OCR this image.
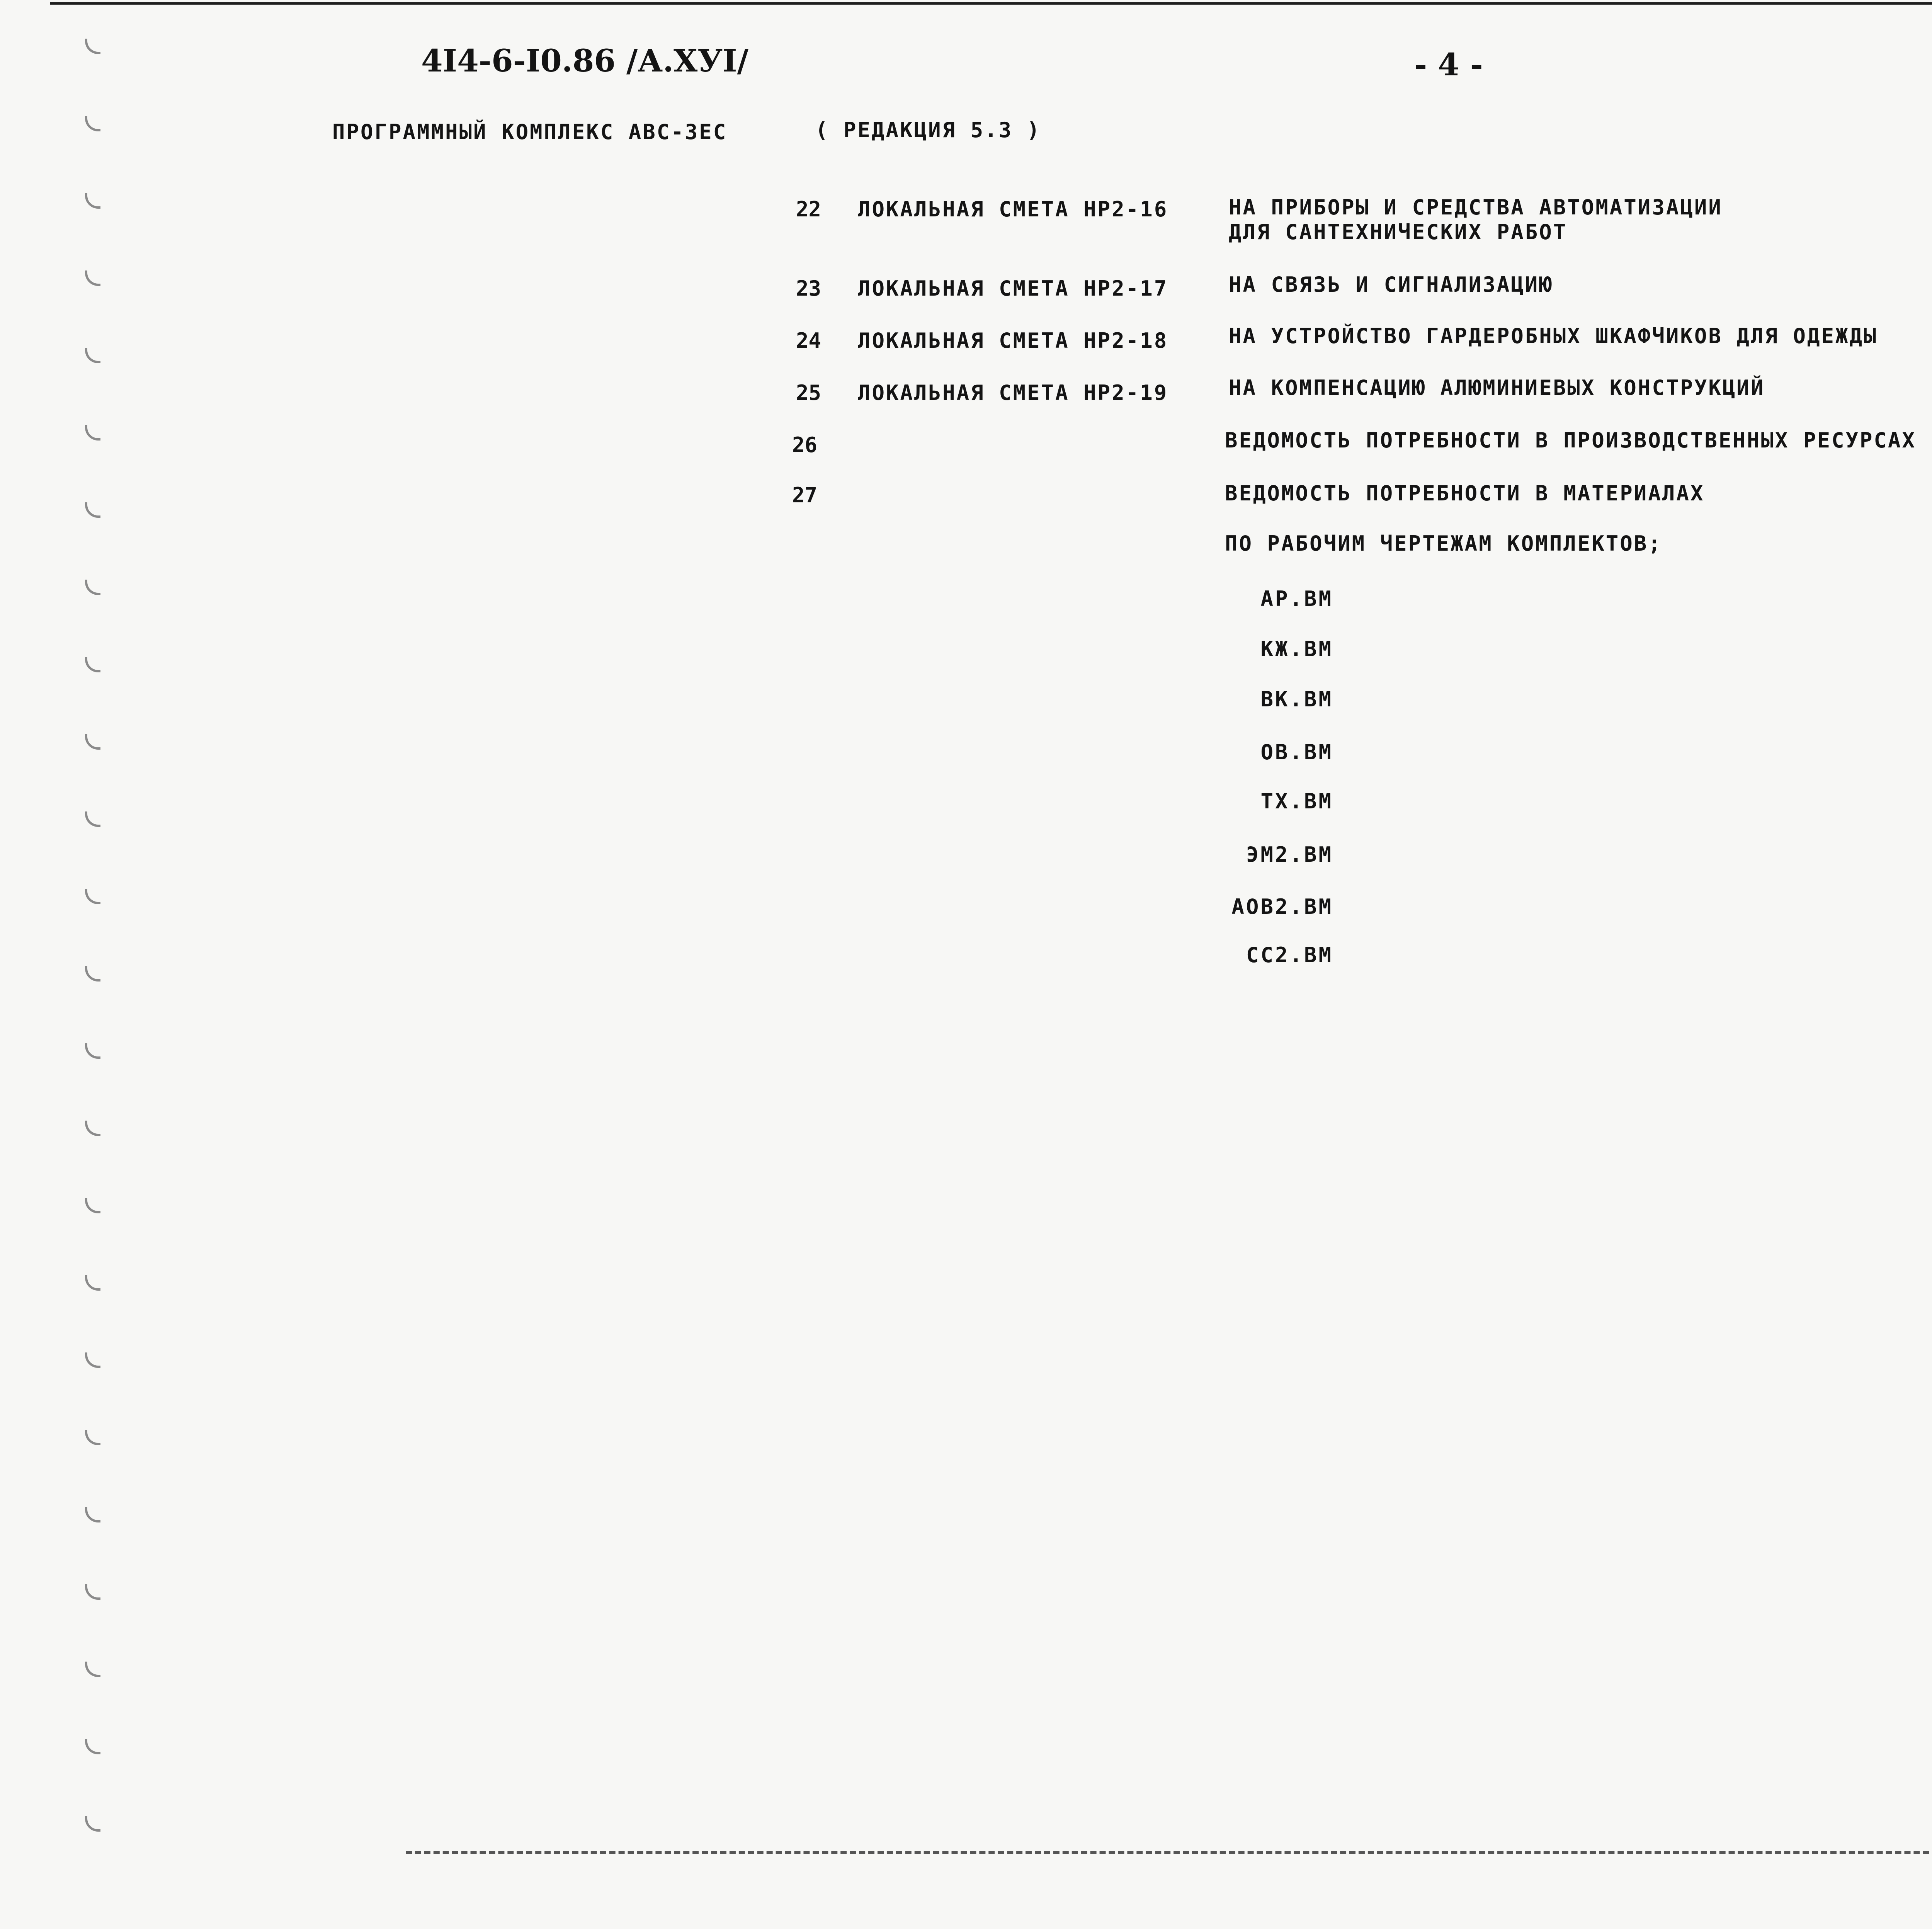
4I4-6-I0.86 /А.ХУI/	- 4 -
ПРОГРАММНЫЙ КОМПЛЕКС АВС-3ЕС	( РЕДАКЦИЯ 5.3 )
22 ЛОКАЛЬНАЯ СМЕТА НР2-16	НА ПРИБОРЫ И СРЕДСТВА АВТОМАТИЗАЦИИ
ДЛЯ САНТЕХНИЧЕСКИХ РАБОТ
23 ЛОКАЛЬНАЯ СМЕТА НР2-17	НА СВЯЗЬ И СИГНАЛИЗАЦИЮ
24 ЛОКАЛЬНАЯ СМЕТА НР2-18	НА УСТРОЙСТВО ГАРДЕРОБНЫХ ШКАФЧИКОВ ДЛЯ ОДЕЖДЫ
25 ЛОКАЛЬНАЯ СМЕТА НР2-19	НА КОМПЕНСАЦИЮ АЛЮМИНИЕВЫХ КОНСТРУКЦИЙ
26	ВЕДОМОСТЬ ПОТРЕБНОСТИ В ПРОИЗВОДСТВЕННЫХ РЕСУРСАХ
27	ВЕДОМОСТЬ ПОТРЕБНОСТИ В МАТЕРИАЛАХ
ПО РАБОЧИМ ЧЕРТЕЖАМ КОМПЛЕКТОВ;
АР.ВМ
КЖ.ВМ
ВК.ВМ
ОВ.ВМ
ТХ.ВМ
ЭМ2.ВМ
АОВ2.ВМ
СС2.ВМ
